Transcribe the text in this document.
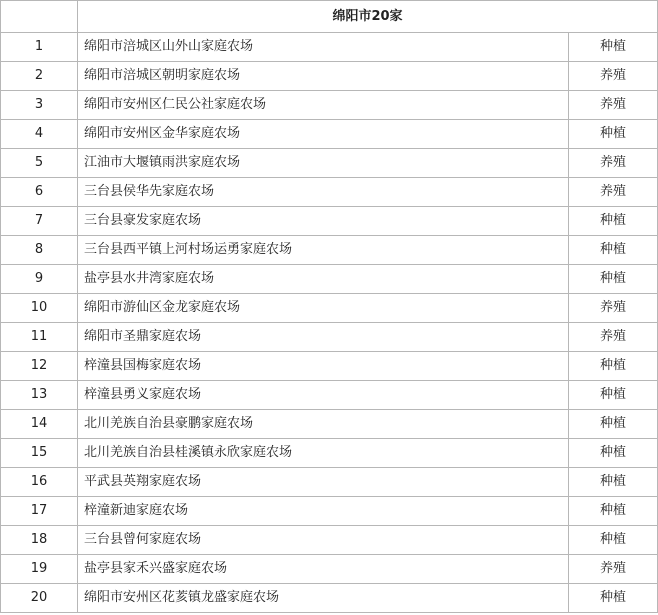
	绵阳市20家	
1	绵阳市涪城区山外山家庭农场	种植
2	绵阳市涪城区朝明家庭农场	养殖
3	绵阳市安州区仁民公社家庭农场	养殖
4	绵阳市安州区金华家庭农场	种植
5	江油市大堰镇雨洪家庭农场	养殖
6	三台县侯华先家庭农场	养殖
7	三台县豪发家庭农场	种植
8	三台县西平镇上河村场运勇家庭农场	种植
9	盐亭县水井湾家庭农场	种植
10	绵阳市游仙区金龙家庭农场	养殖
11	绵阳市圣鼎家庭农场	养殖
12	梓潼县国梅家庭农场	种植
13	梓潼县勇义家庭农场	种植
14	北川羌族自治县豪鹏家庭农场	种植
15	北川羌族自治县桂溪镇永欣家庭农场	种植
16	平武县英翔家庭农场	种植
17	梓潼新迪家庭农场	种植
18	三台县曾何家庭农场	种植
19	盐亭县家禾兴盛家庭农场	养殖
20	绵阳市安州区花荄镇龙盛家庭农场	种植
